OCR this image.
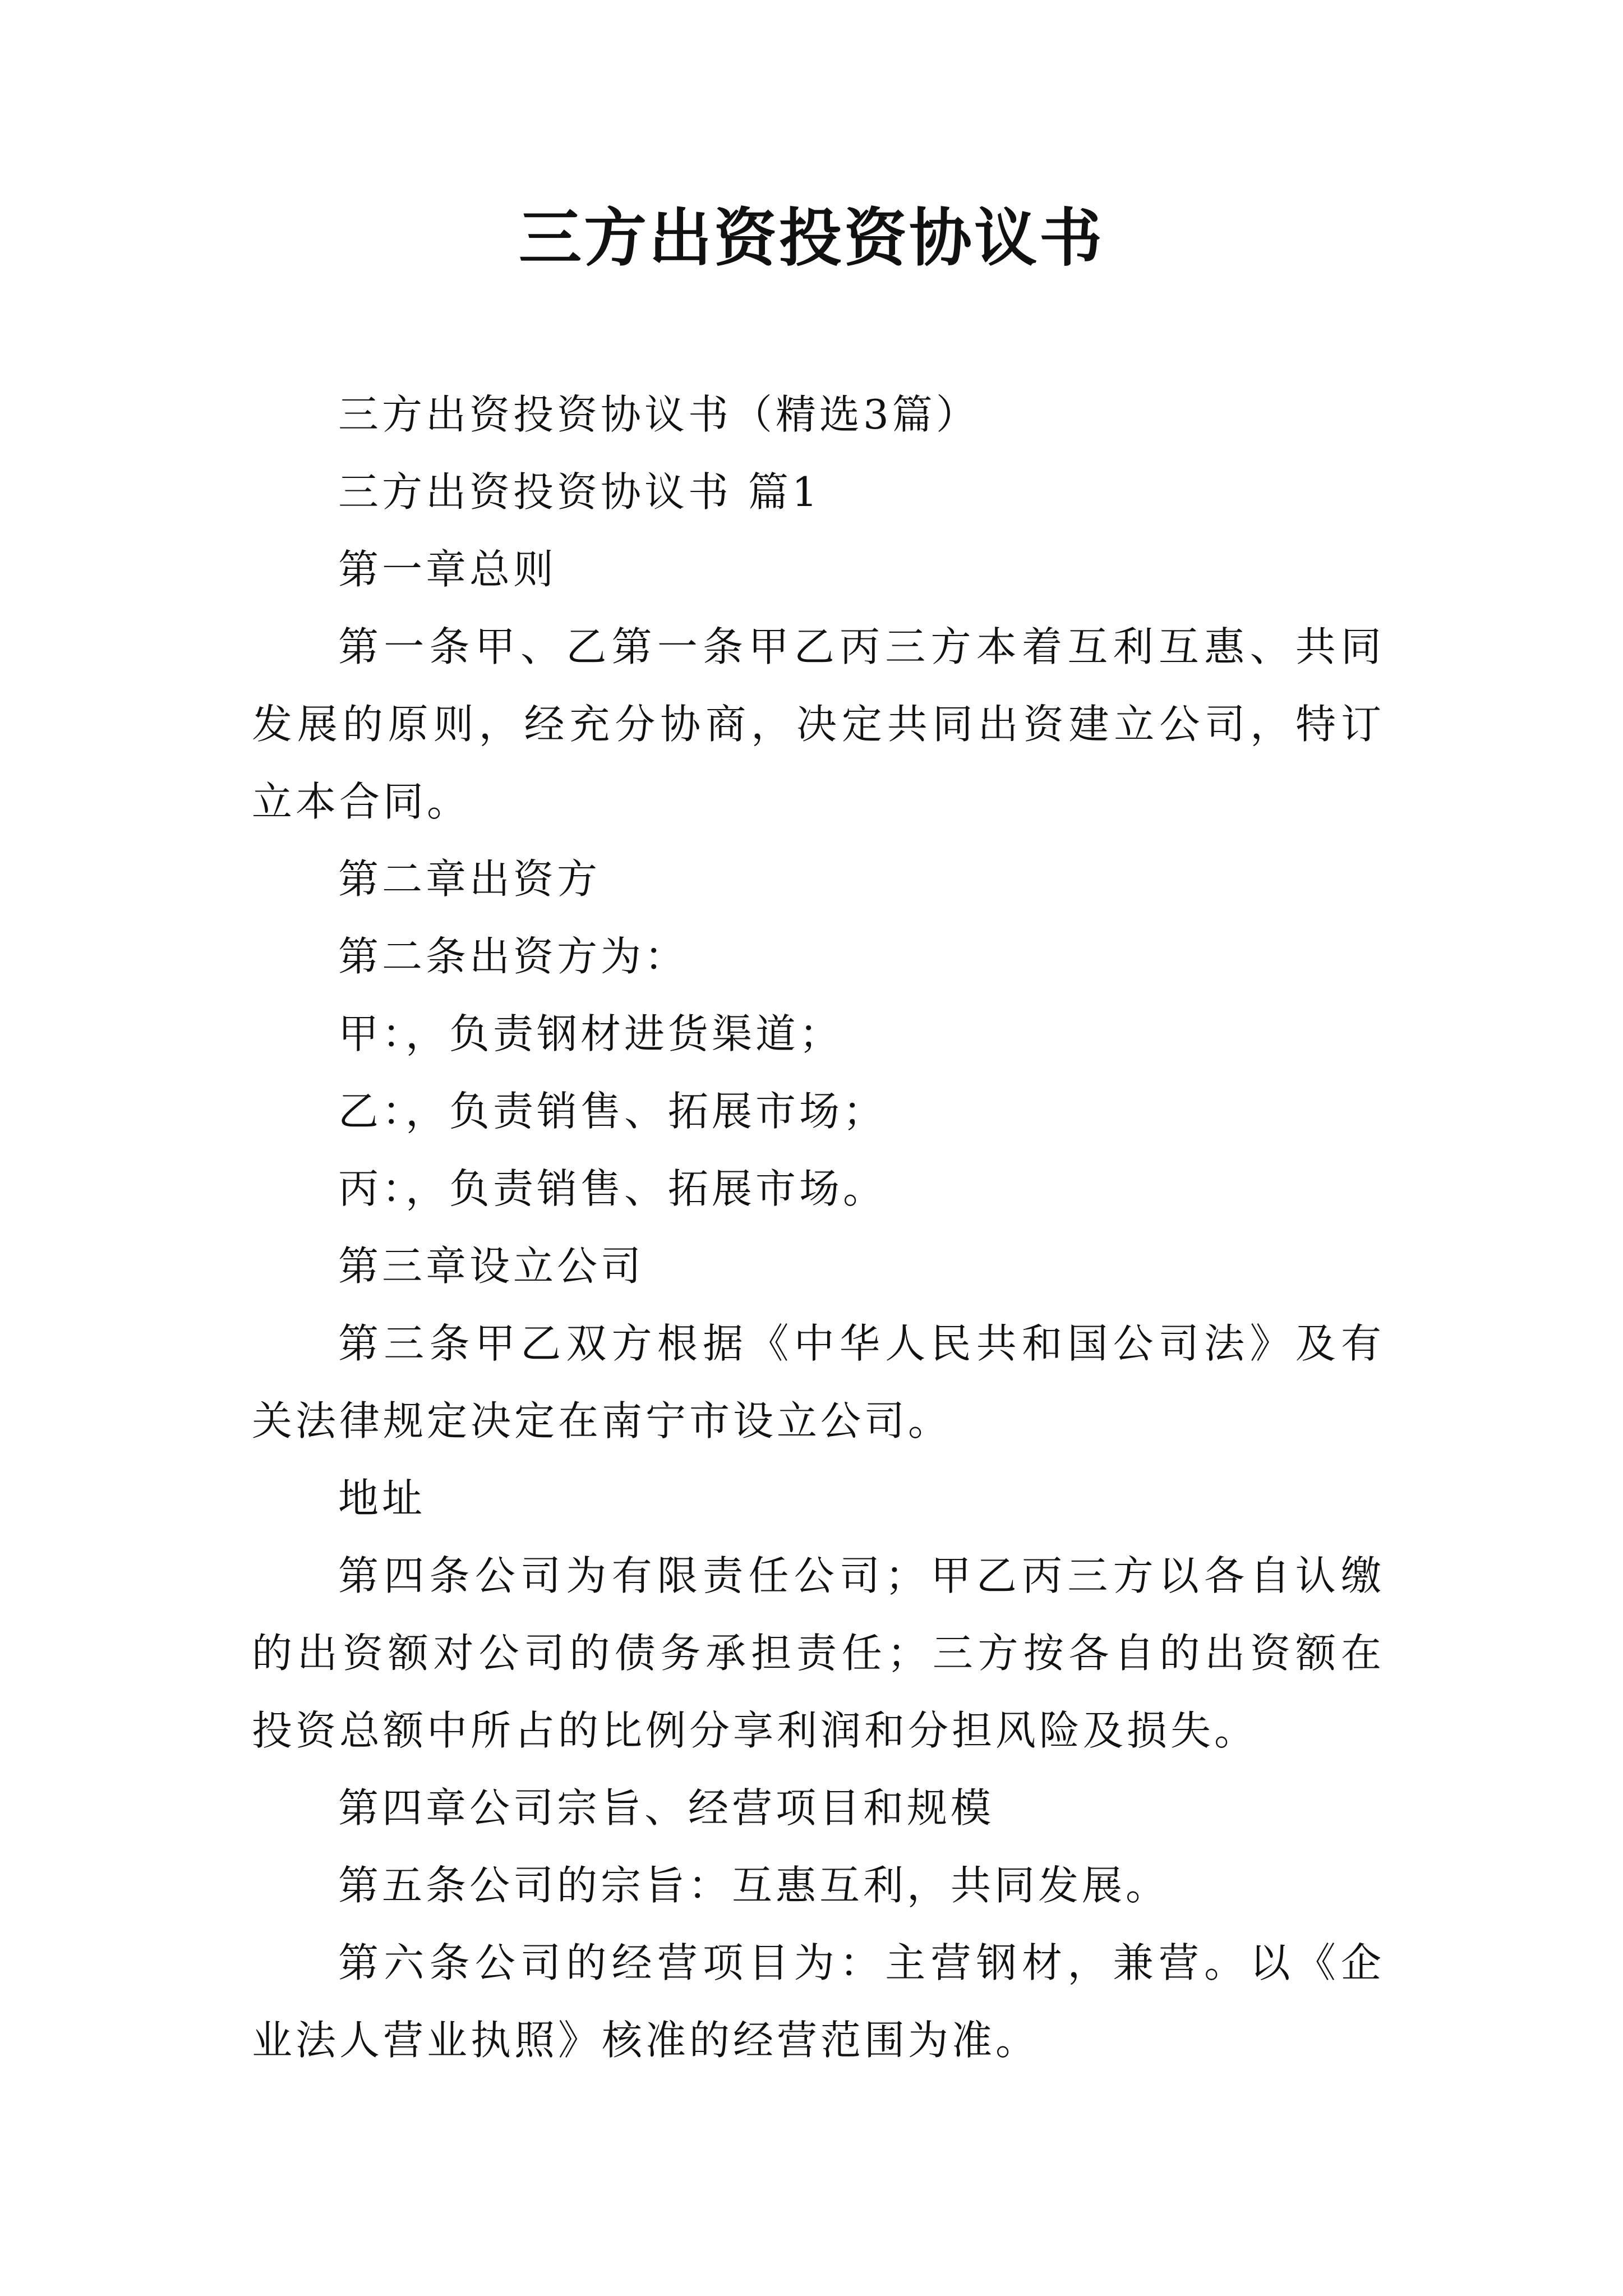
三方出资投资协议书

三方出资投资协议书（精选3篇）

三方出资投资协议书 篇1

第一章总则

第一条甲、乙第一条甲乙丙三方本着互利互惠、共同发展的原则，经充分协商，决定共同出资建立公司，特订立本合同。

第二章出资方

第二条出资方为：

甲：，负责钢材进货渠道；

乙：，负责销售、拓展市场；

丙：，负责销售、拓展市场。

第三章设立公司

第三条甲乙双方根据《中华人民共和国公司法》及有关法律规定决定在南宁市设立公司。

地址

第四条公司为有限责任公司；甲乙丙三方以各自认缴的出资额对公司的债务承担责任；三方按各自的出资额在投资总额中所占的比例分享利润和分担风险及损失。

第四章公司宗旨、经营项目和规模

第五条公司的宗旨：互惠互利，共同发展。

第六条公司的经营项目为：主营钢材，兼营。以《企业法人营业执照》核准的经营范围为准。
